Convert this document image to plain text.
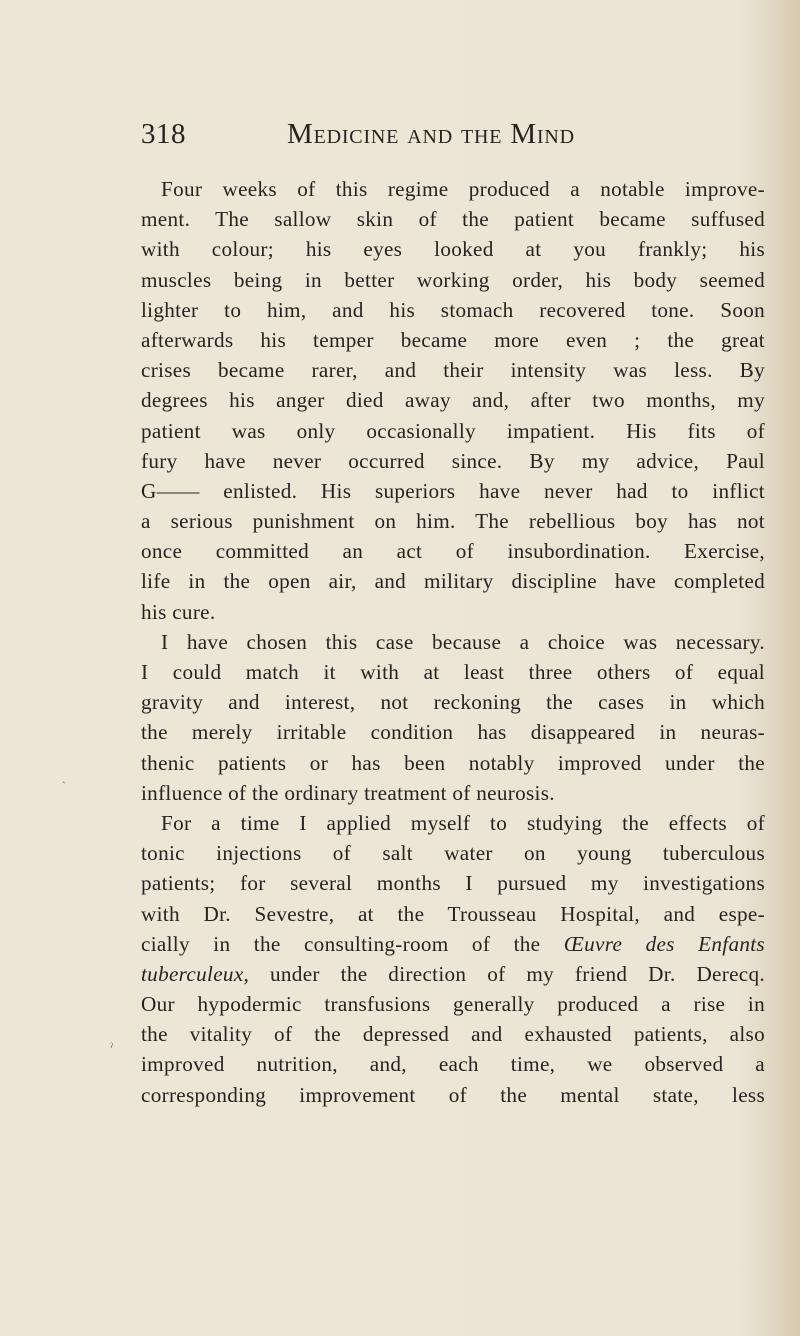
318	Medicine and the Mind
Four weeks of this regime produced a notable improve-
ment. The sallow skin of the patient became suffused
with colour; his eyes looked at you frankly; his
muscles being in better working order, his body seemed
lighter to him, and his stomach recovered tone. Soon
afterwards his temper became more even ; the great
crises became rarer, and their intensity was less. By
degrees his anger died away and, after two months, my
patient was only occasionally impatient. His fits of
fury have never occurred since. By my advice, Paul
G—— enlisted. His superiors have never had to inflict
a serious punishment on him. The rebellious boy has not
once committed an act of insubordination. Exercise,
life in the open air, and military discipline have completed
his cure.
I have chosen this case because a choice was necessary.
I could match it with at least three others of equal
gravity and interest, not reckoning the cases in which
the merely irritable condition has disappeared in neuras-
thenic patients or has been notably improved under the
influence of the ordinary treatment of neurosis.
For a time I applied myself to studying the effects of
tonic injections of salt water on young tuberculous
patients; for several months I pursued my investigations
with Dr. Sevestre, at the Trousseau Hospital, and espe-
cially in the consulting-room of the Œuvre des Enfants
tuberculeux, under the direction of my friend Dr. Derecq.
Our hypodermic transfusions generally produced a rise in
the vitality of the depressed and exhausted patients, also
improved nutrition, and, each time, we observed a
corresponding improvement of the mental state, less
ˎ
ˀ
